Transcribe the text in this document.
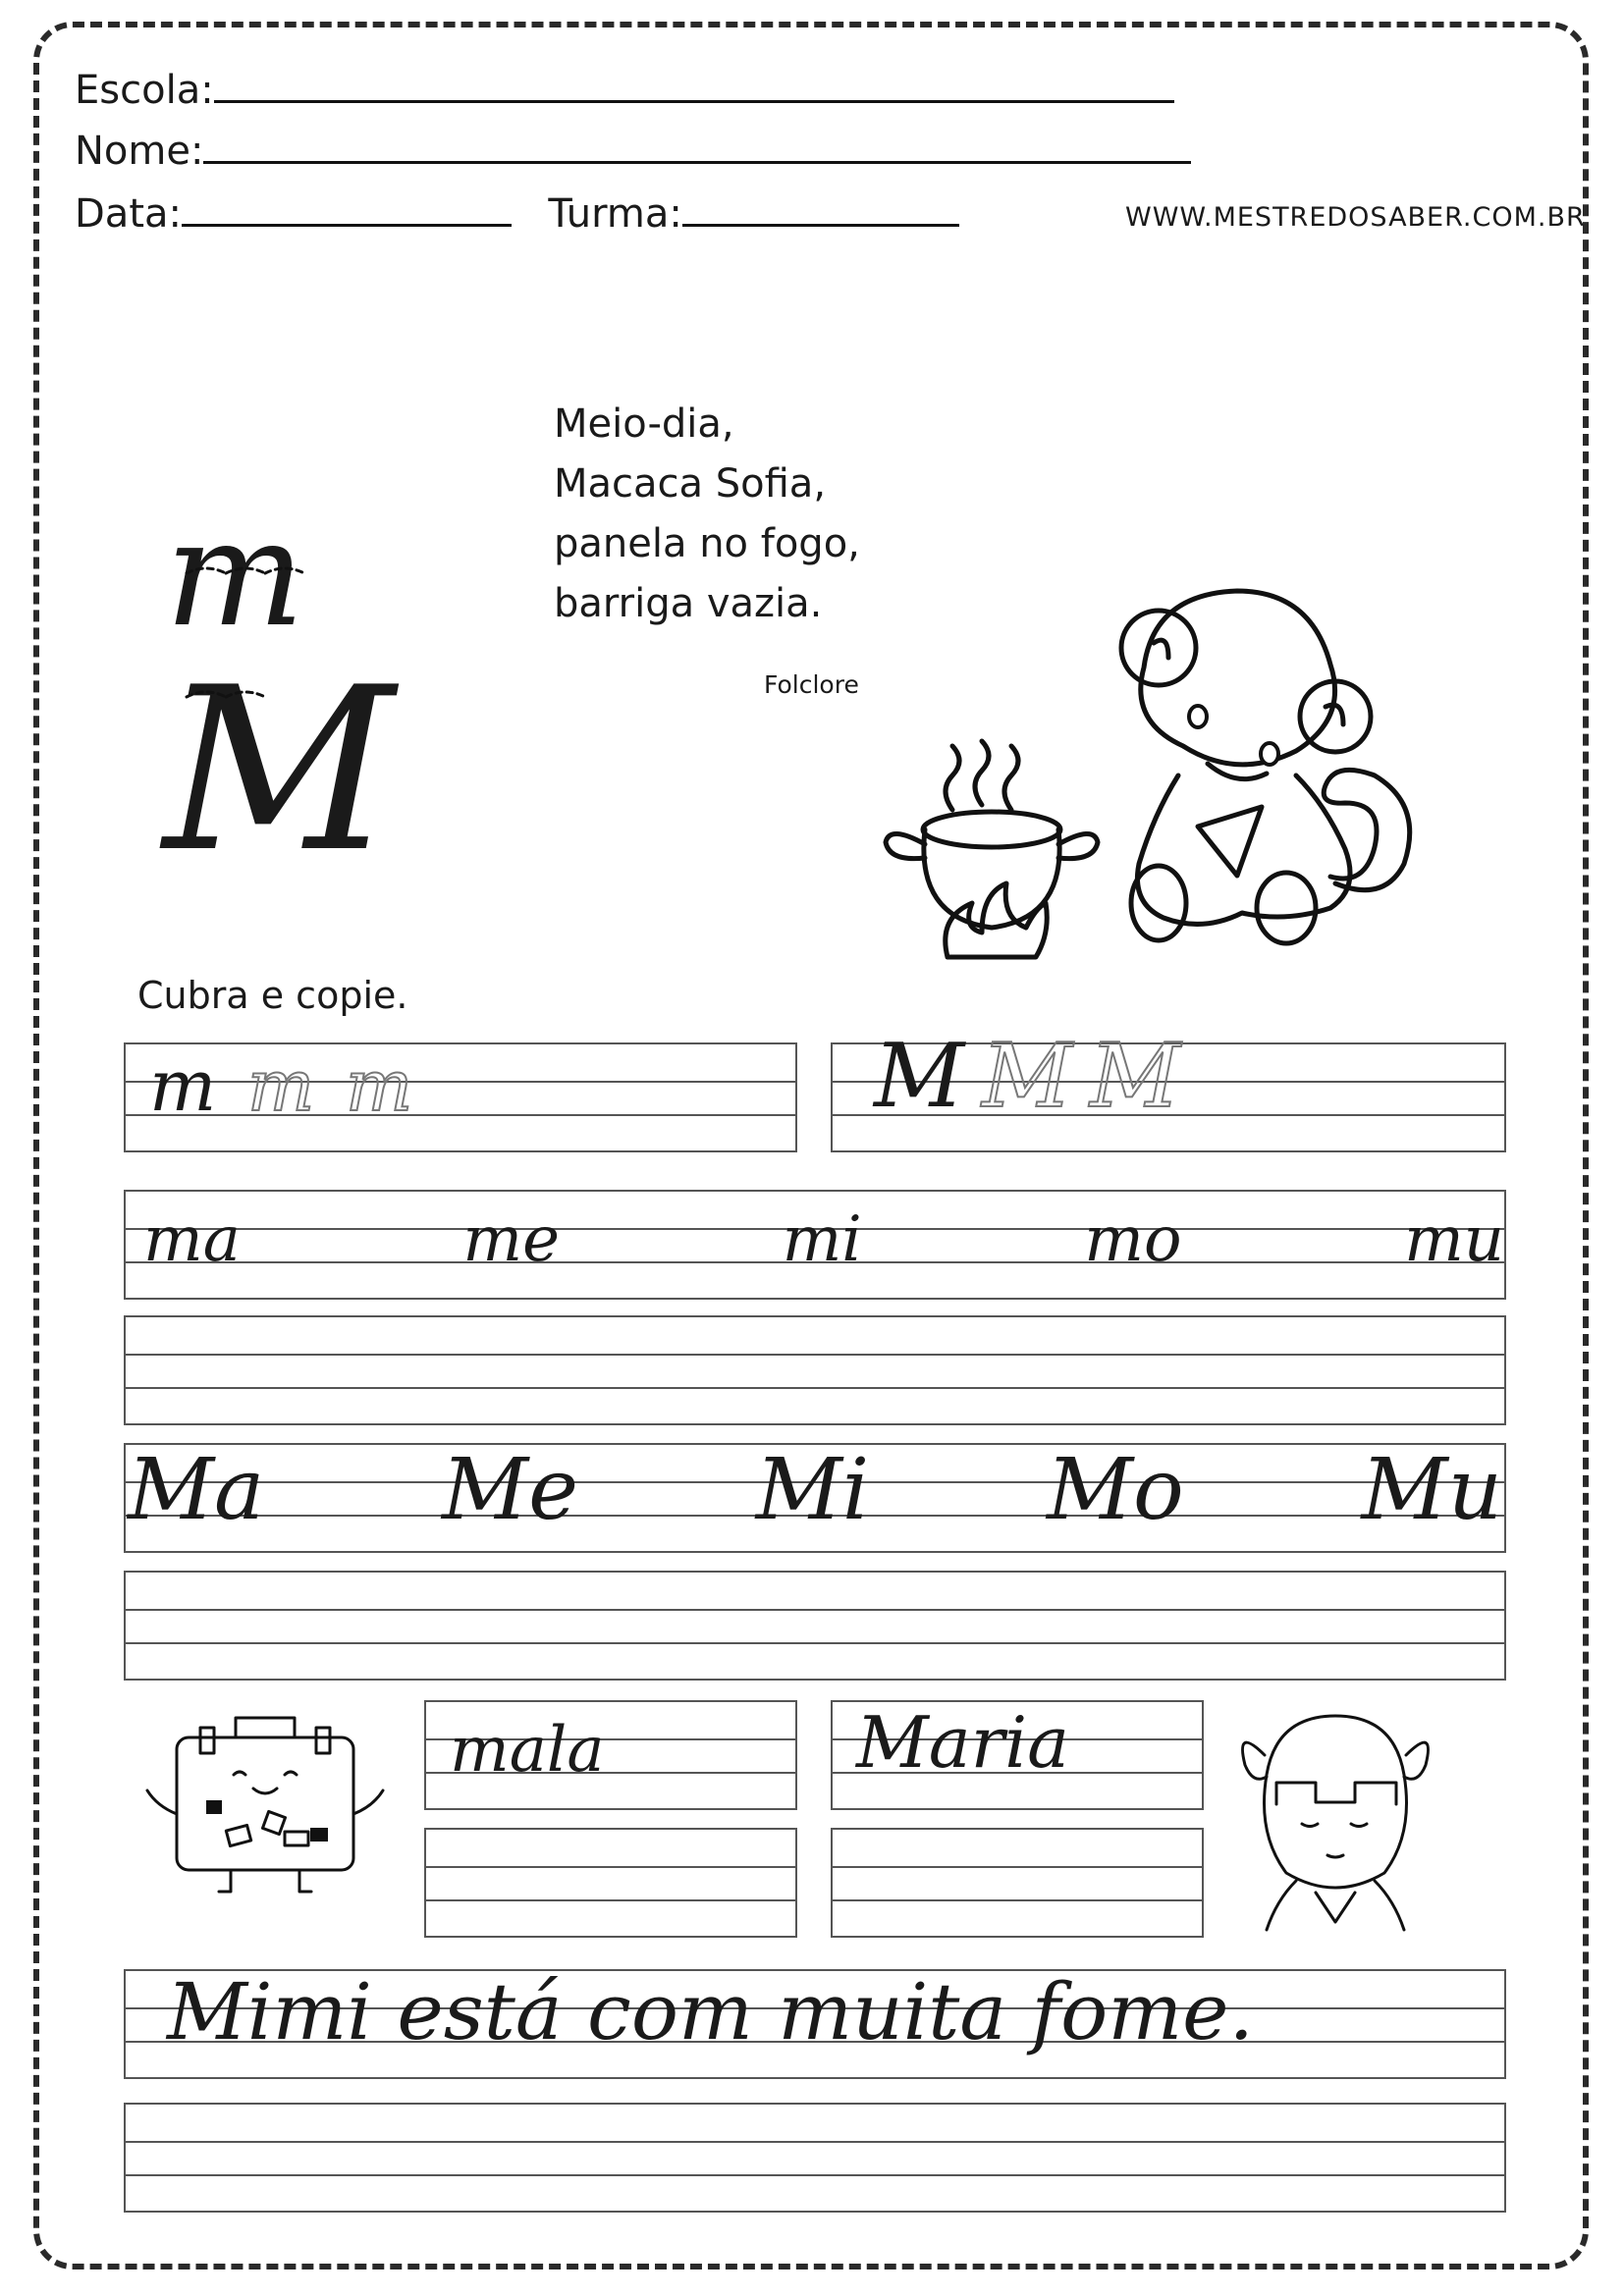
Escola:
Nome:
Data:	Turma:	WWW.MESTREDOSABER.COM.BR
m
M
Meio-dia,
Macaca Sofia,
panela no fogo,
barriga vazia.
Folclore
Cubra e copie.
m m m	M M M
ma	me	mi	mo	mu
Ma Me Mi Mo Mu
mala	Maria
Mimi está com muita fome.
